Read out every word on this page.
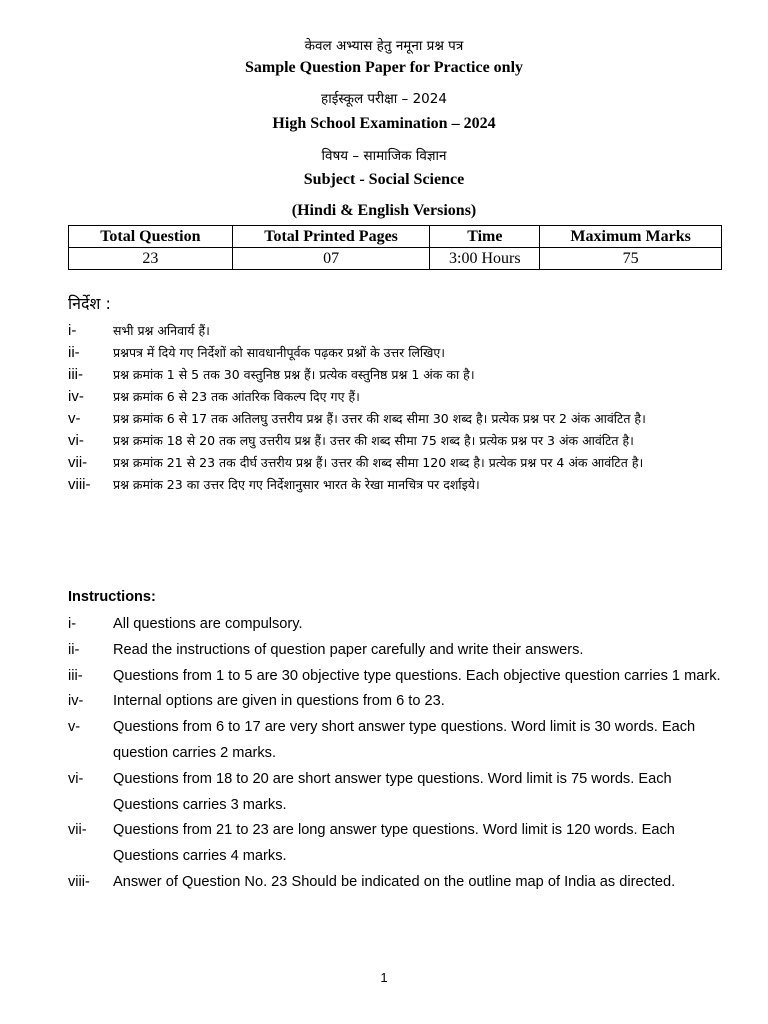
केवल अभ्यास हेतु नमूना प्रश्न पत्र
Sample Question Paper for Practice only
हाईस्कूल परीक्षा – 2024
High School Examination – 2024
विषय – सामाजिक विज्ञान
Subject - Social Science
(Hindi & English Versions)
Total Question	Total Printed Pages	Time	Maximum Marks
23	07	3:00 Hours	75
निर्देश :
i-	सभी प्रश्न अनिवार्य हैं।
ii-	प्रश्नपत्र में दिये गए निर्देशों को सावधानीपूर्वक पढ़कर प्रश्नों के उत्तर लिखिए।
iii-	प्रश्न क्रमांक 1 से 5 तक 30 वस्तुनिष्ठ प्रश्न हैं। प्रत्येक वस्तुनिष्ठ प्रश्न 1 अंक का है।
iv-	प्रश्न क्रमांक 6 से 23 तक आंतरिक विकल्प दिए गए हैं।
v-	प्रश्न क्रमांक 6 से 17 तक अतिलघु उत्तरीय प्रश्न हैं। उत्तर की शब्द सीमा 30 शब्द है। प्रत्येक प्रश्न पर 2 अंक आवंटित है।
vi-	प्रश्न क्रमांक 18 से 20 तक लघु उत्तरीय प्रश्न हैं। उत्तर की शब्द सीमा 75 शब्द है। प्रत्येक प्रश्न पर 3 अंक आवंटित है।
vii-	प्रश्न क्रमांक 21 से 23 तक दीर्घ उत्तरीय प्रश्न हैं। उत्तर की शब्द सीमा 120 शब्द है। प्रत्येक प्रश्न पर 4 अंक आवंटित है।
viii-	प्रश्न क्रमांक 23 का उत्तर दिए गए निर्देशानुसार भारत के रेखा मानचित्र पर दर्शाइये।
Instructions:
i-	All questions are compulsory.
ii-	Read the instructions of question paper carefully and write their answers.
iii-	Questions from 1 to 5 are 30 objective type questions. Each objective question carries 1 mark.
iv-	Internal options are given in questions from 6 to 23.
v-	Questions from 6 to 17 are very short answer type questions. Word limit is 30 words. Each question carries 2 marks.
vi-	Questions from 18 to 20 are short answer type questions. Word limit is 75 words. Each Questions carries 3 marks.
vii-	Questions from 21 to 23 are long answer type questions. Word limit is 120 words. Each Questions carries 4 marks.
viii-	Answer of Question No. 23 Should be indicated on the outline map of India as directed.
1
